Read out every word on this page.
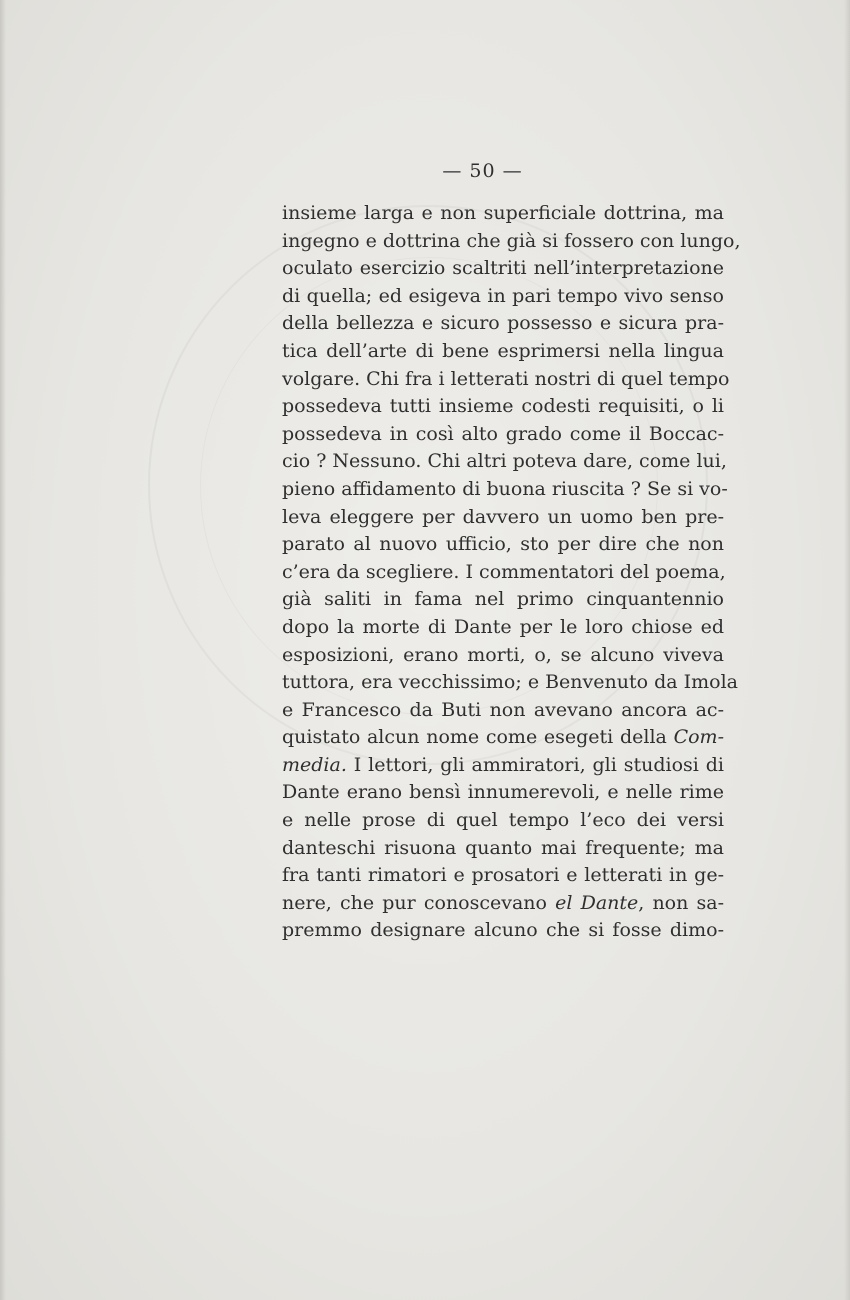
— 50 —
insieme larga e non superficiale dottrina, ma
ingegno e dottrina che già si fossero con lungo,
oculato esercizio scaltriti nell’interpretazione
di quella; ed esigeva in pari tempo vivo senso
della bellezza e sicuro possesso e sicura pra-
tica dell’arte di bene esprimersi nella lingua
volgare. Chi fra i letterati nostri di quel tempo
possedeva tutti insieme codesti requisiti, o li
possedeva in così alto grado come il Boccac-
cio ? Nessuno. Chi altri poteva dare, come lui,
pieno affidamento di buona riuscita ? Se si vo-
leva eleggere per davvero un uomo ben pre-
parato al nuovo ufficio, sto per dire che non
c’era da scegliere. I commentatori del poema,
già saliti in fama nel primo cinquantennio
dopo la morte di Dante per le loro chiose ed
esposizioni, erano morti, o, se alcuno viveva
tuttora, era vecchissimo; e Benvenuto da Imola
e Francesco da Buti non avevano ancora ac-
quistato alcun nome come esegeti della Com-
media. I lettori, gli ammiratori, gli studiosi di
Dante erano bensì innumerevoli, e nelle rime
e nelle prose di quel tempo l’eco dei versi
danteschi risuona quanto mai frequente; ma
fra tanti rimatori e prosatori e letterati in ge-
nere, che pur conoscevano el Dante, non sa-
premmo designare alcuno che si fosse dimo-
